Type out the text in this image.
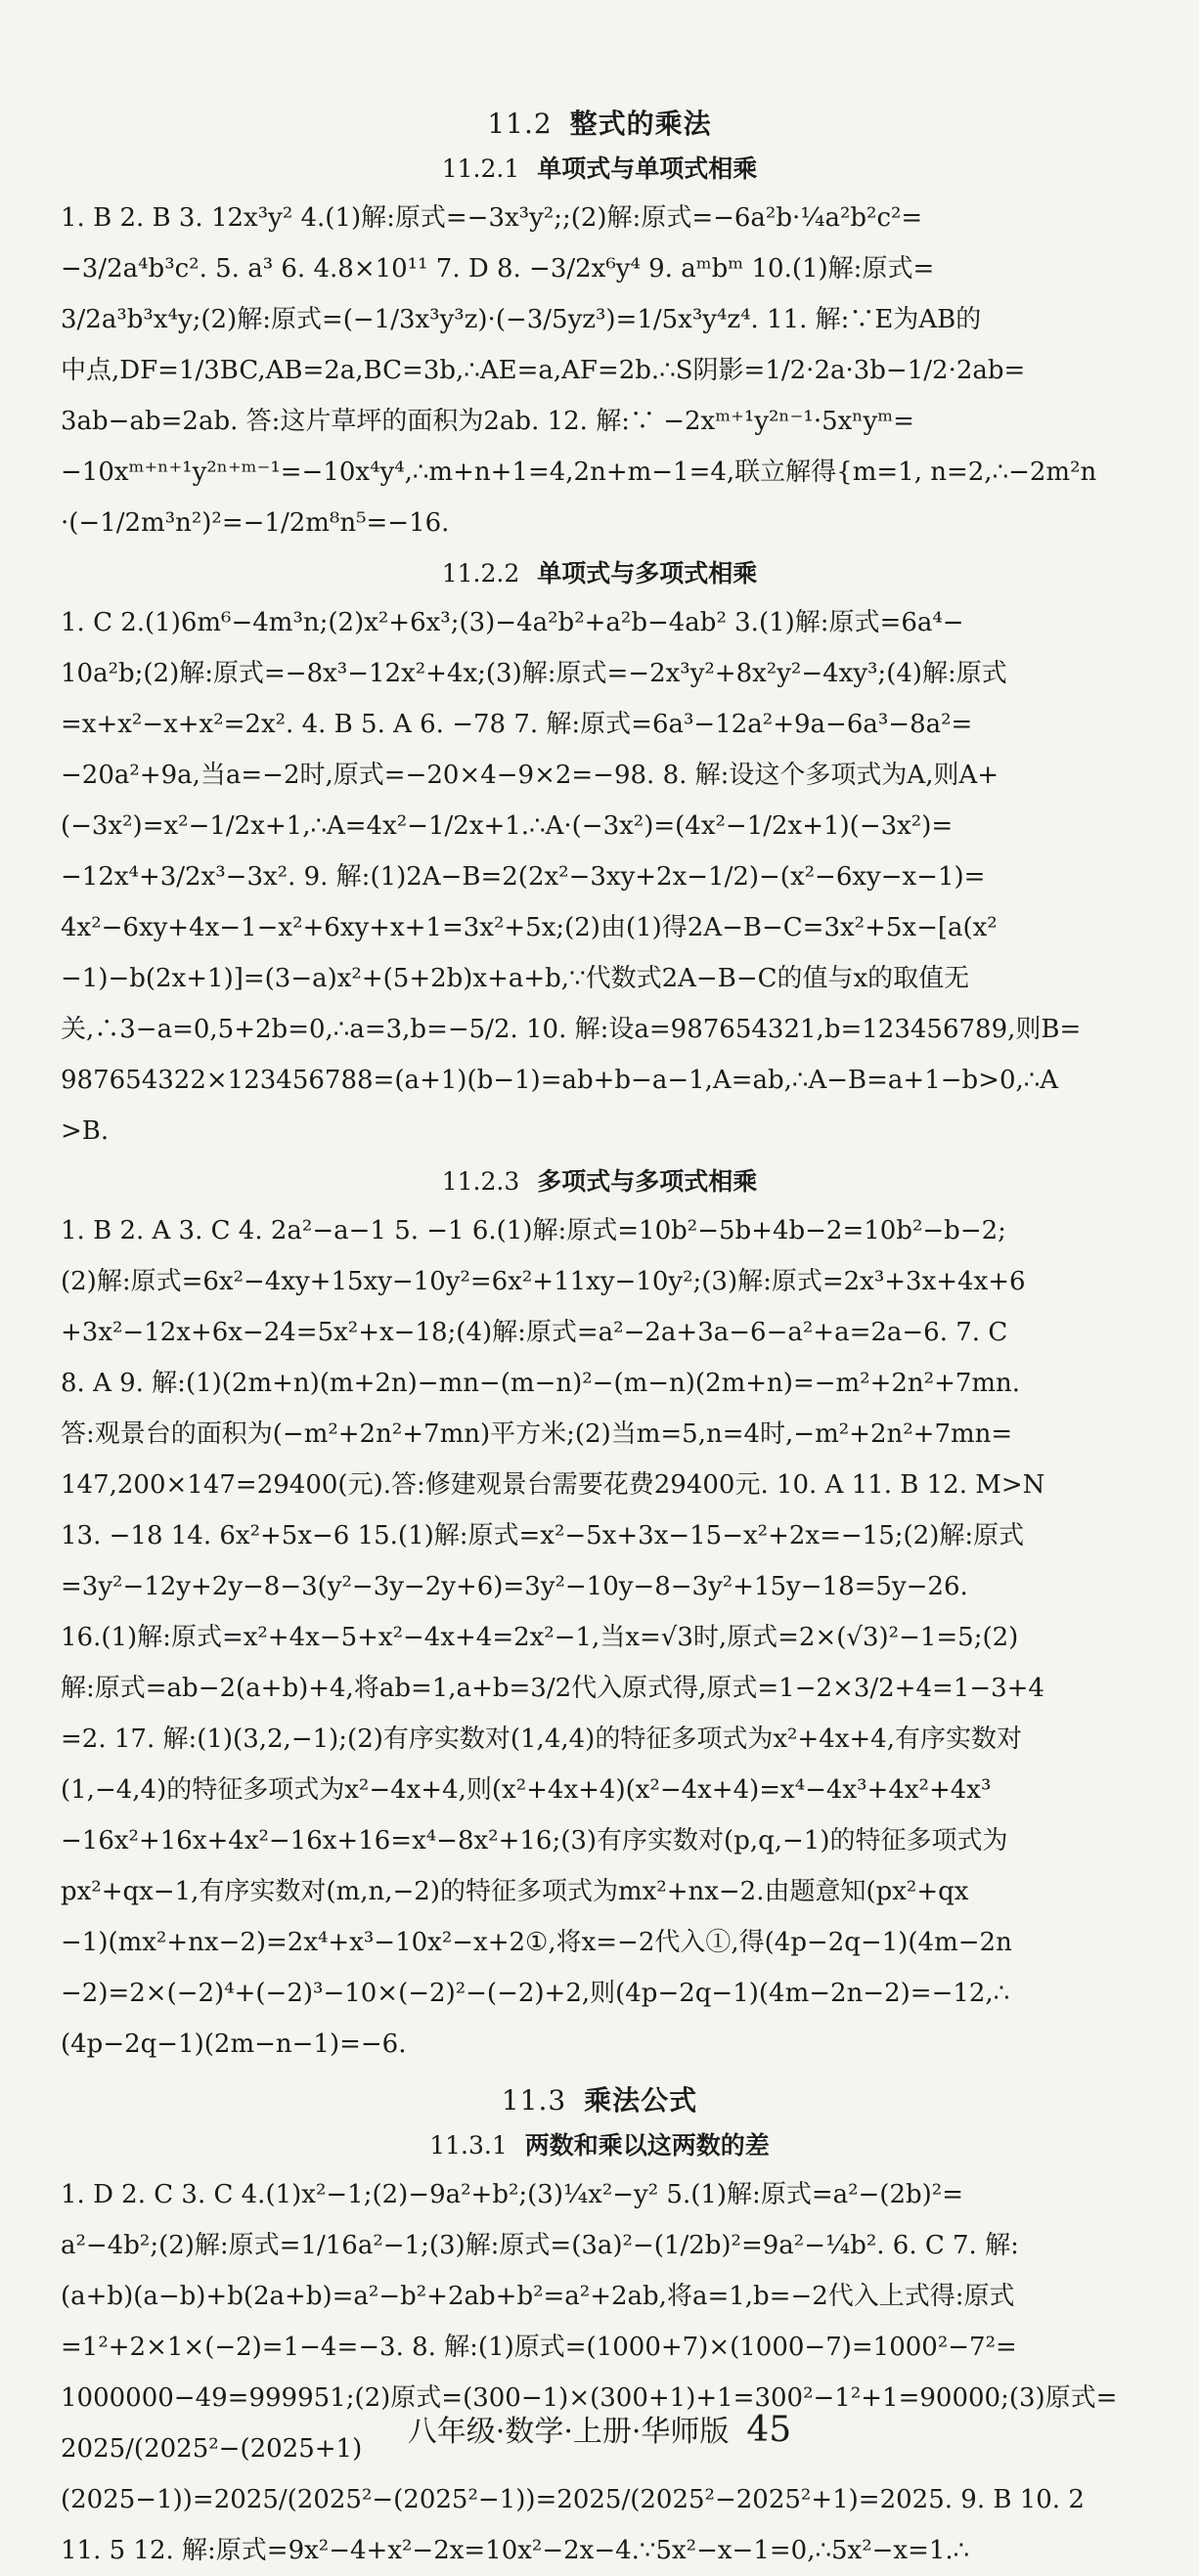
11.2 整式的乘法
11.2.1 单项式与单项式相乘

1. B 2. B 3. 12x³y² 4.(1)解:原式=−3x³y²;;(2)解:原式=−6a²b·¼a²b²c²=

−3/2a⁴b³c². 5. a³ 6. 4.8×10¹¹ 7. D 8. −3/2x⁶y⁴ 9. aᵐbᵐ 10.(1)解:原式=

3/2a³b³x⁴y;(2)解:原式=(−1/3x³y³z)·(−3/5yz³)=1/5x³y⁴z⁴. 11. 解:∵E为AB的

中点,DF=1/3BC,AB=2a,BC=3b,∴AE=a,AF=2b.∴S阴影=1/2·2a·3b−1/2·2ab=

3ab−ab=2ab. 答:这片草坪的面积为2ab. 12. 解:∵ −2xᵐ⁺¹y²ⁿ⁻¹·5xⁿyᵐ=

−10xᵐ⁺ⁿ⁺¹y²ⁿ⁺ᵐ⁻¹=−10x⁴y⁴,∴m+n+1=4,2n+m−1=4,联立解得{m=1, n=2,∴−2m²n

·(−1/2m³n²)²=−1/2m⁸n⁵=−16.

11.2.2 单项式与多项式相乘

1. C 2.(1)6m⁶−4m³n;(2)x²+6x³;(3)−4a²b²+a²b−4ab² 3.(1)解:原式=6a⁴−

10a²b;(2)解:原式=−8x³−12x²+4x;(3)解:原式=−2x³y²+8x²y²−4xy³;(4)解:原式

=x+x²−x+x²=2x². 4. B 5. A 6. −78 7. 解:原式=6a³−12a²+9a−6a³−8a²=

−20a²+9a,当a=−2时,原式=−20×4−9×2=−98. 8. 解:设这个多项式为A,则A+

(−3x²)=x²−1/2x+1,∴A=4x²−1/2x+1.∴A·(−3x²)=(4x²−1/2x+1)(−3x²)=

−12x⁴+3/2x³−3x². 9. 解:(1)2A−B=2(2x²−3xy+2x−1/2)−(x²−6xy−x−1)=

4x²−6xy+4x−1−x²+6xy+x+1=3x²+5x;(2)由(1)得2A−B−C=3x²+5x−[a(x²

−1)−b(2x+1)]=(3−a)x²+(5+2b)x+a+b,∵代数式2A−B−C的值与x的取值无

关,∴3−a=0,5+2b=0,∴a=3,b=−5/2. 10. 解:设a=987654321,b=123456789,则B=

987654322×123456788=(a+1)(b−1)=ab+b−a−1,A=ab,∴A−B=a+1−b>0,∴A

>B.

11.2.3 多项式与多项式相乘

1. B 2. A 3. C 4. 2a²−a−1 5. −1 6.(1)解:原式=10b²−5b+4b−2=10b²−b−2;

(2)解:原式=6x²−4xy+15xy−10y²=6x²+11xy−10y²;(3)解:原式=2x³+3x+4x+6

+3x²−12x+6x−24=5x²+x−18;(4)解:原式=a²−2a+3a−6−a²+a=2a−6. 7. C

8. A 9. 解:(1)(2m+n)(m+2n)−mn−(m−n)²−(m−n)(2m+n)=−m²+2n²+7mn.

答:观景台的面积为(−m²+2n²+7mn)平方米;(2)当m=5,n=4时,−m²+2n²+7mn=

147,200×147=29400(元).答:修建观景台需要花费29400元. 10. A 11. B 12. M>N

13. −18 14. 6x²+5x−6 15.(1)解:原式=x²−5x+3x−15−x²+2x=−15;(2)解:原式

=3y²−12y+2y−8−3(y²−3y−2y+6)=3y²−10y−8−3y²+15y−18=5y−26.

16.(1)解:原式=x²+4x−5+x²−4x+4=2x²−1,当x=√3时,原式=2×(√3)²−1=5;(2)

解:原式=ab−2(a+b)+4,将ab=1,a+b=3/2代入原式得,原式=1−2×3/2+4=1−3+4

=2. 17. 解:(1)(3,2,−1);(2)有序实数对(1,4,4)的特征多项式为x²+4x+4,有序实数对

(1,−4,4)的特征多项式为x²−4x+4,则(x²+4x+4)(x²−4x+4)=x⁴−4x³+4x²+4x³

−16x²+16x+4x²−16x+16=x⁴−8x²+16;(3)有序实数对(p,q,−1)的特征多项式为

px²+qx−1,有序实数对(m,n,−2)的特征多项式为mx²+nx−2.由题意知(px²+qx

−1)(mx²+nx−2)=2x⁴+x³−10x²−x+2①,将x=−2代入①,得(4p−2q−1)(4m−2n

−2)=2×(−2)⁴+(−2)³−10×(−2)²−(−2)+2,则(4p−2q−1)(4m−2n−2)=−12,∴

(4p−2q−1)(2m−n−1)=−6.

11.3 乘法公式
11.3.1 两数和乘以这两数的差

1. D 2. C 3. C 4.(1)x²−1;(2)−9a²+b²;(3)¼x²−y² 5.(1)解:原式=a²−(2b)²=

a²−4b²;(2)解:原式=1/16a²−1;(3)解:原式=(3a)²−(1/2b)²=9a²−¼b². 6. C 7. 解:

(a+b)(a−b)+b(2a+b)=a²−b²+2ab+b²=a²+2ab,将a=1,b=−2代入上式得:原式

=1²+2×1×(−2)=1−4=−3. 8. 解:(1)原式=(1000+7)×(1000−7)=1000²−7²=

1000000−49=999951;(2)原式=(300−1)×(300+1)+1=300²−1²+1=90000;(3)原式=

2025/(2025²−(2025+1)(2025−1))=2025/(2025²−(2025²−1))=2025/(2025²−2025²+1)=2025. 9. B 10. 2

11. 5 12. 解:原式=9x²−4+x²−2x=10x²−2x−4.∵5x²−x−1=0,∴5x²−x=1.∴

八年级·数学·上册·华师版 45
